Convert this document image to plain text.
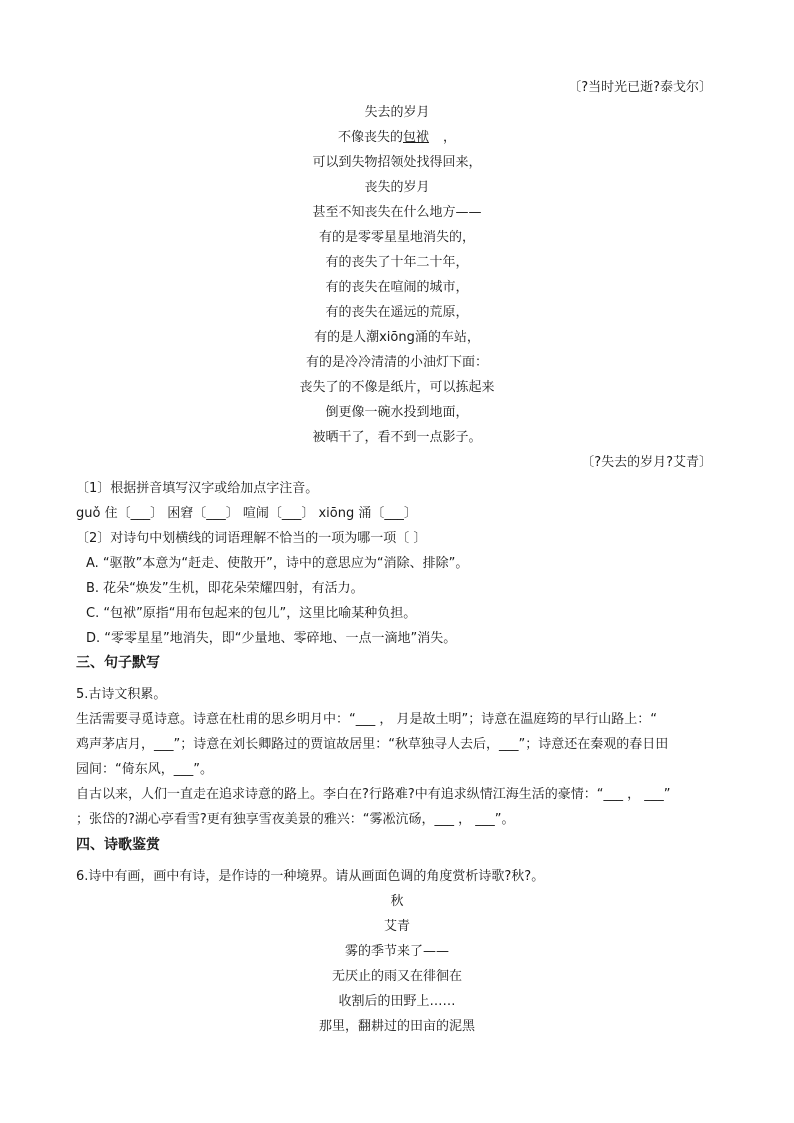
〔?当时光已逝?泰戈尔〕
失去的岁月
不像丧失的包袱 ，
可以到失物招领处找得回来，
丧失的岁月
甚至不知丧失在什么地方——
有的是零零星星地消失的，
有的丧失了十年二十年，
有的丧失在喧闹的城市，
有的丧失在遥远的荒原，
有的是人潮xiōng涌的车站，
有的是冷冷清清的小油灯下面：
丧失了的不像是纸片，可以拣起来
倒更像一碗水投到地面，
被晒干了，看不到一点影子。
〔?失去的岁月?艾青〕
〔1〕根据拼音填写汉字或给加点字注音。
guǒ 住〔___〕 困窘〔___〕 喧闹〔___〕 xiōng 涌〔___〕
〔2〕对诗句中划横线的词语理解不恰当的一项为哪一项〔 〕
A. “驱散”本意为“赶走、使散开”，诗中的意思应为“消除、排除”。
B. 花朵“焕发”生机，即花朵荣耀四射，有活力。
C. “包袱”原指“用布包起来的包儿”，这里比喻某种负担。
D. “零零星星”地消失，即“少量地、零碎地、一点一滴地”消失。
三、句子默写
5.古诗文积累。
生活需要寻觅诗意。诗意在杜甫的思乡明月中：“___ ， 月是故土明”；诗意在温庭筠的早行山路上：“
鸡声茅店月，___”；诗意在刘长卿路过的贾谊故居里：“秋草独寻人去后，___”；诗意还在秦观的春日田
园间：“倚东风，___”。
自古以来，人们一直走在追求诗意的路上。李白在?行路难?中有追求纵情江海生活的豪情：“___ ， ___”
；张岱的?湖心亭看雪?更有独享雪夜美景的雅兴：“雾凇沆砀，___ ， ___”。
四、诗歌鉴赏
6.诗中有画，画中有诗，是作诗的一种境界。请从画面色调的角度赏析诗歌?秋?。
秋
艾青
雾的季节来了——
无厌止的雨又在徘徊在
收割后的田野上……
那里，翻耕过的田亩的泥黑
